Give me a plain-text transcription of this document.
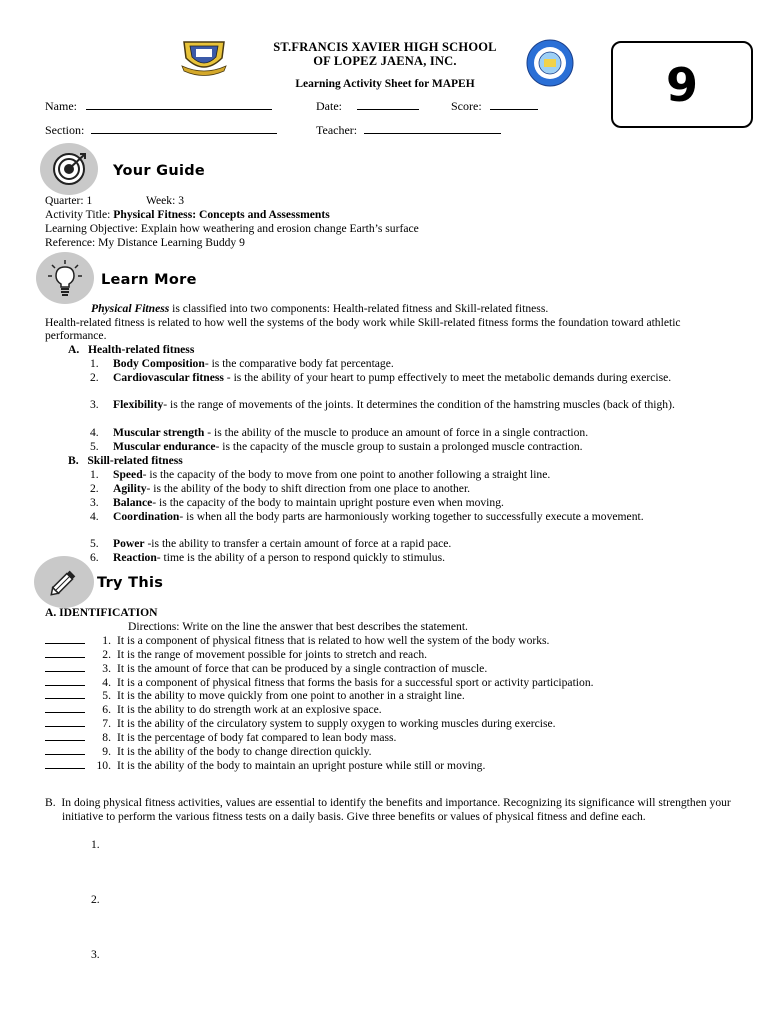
ST.FRANCIS XAVIER HIGH SCHOOL
OF LOPEZ JAENA, INC.
Learning Activity Sheet for MAPEH	9
Name:	Date:	Score:
Section:	Teacher:
Your Guide
Quarter: 1	Week: 3
Activity Title: Physical Fitness: Concepts and Assessments
Learning Objective: Explain how weathering and erosion change Earth’s surface
Reference: My Distance Learning Buddy 9
Learn More
Physical Fitness is classified into two components: Health-related fitness and Skill-related fitness.
Health-related fitness is related to how well the systems of the body work while Skill-related fitness forms the foundation toward athletic performance.
A.   Health-related fitness
1. Body Composition- is the comparative body fat percentage.
2. Cardiovascular fitness - is the ability of your heart to pump effectively to meet the metabolic demands during exercise.
3. Flexibility- is the range of movements of the joints. It determines the condition of the hamstring muscles (back of thigh).
4. Muscular strength - is the ability of the muscle to produce an amount of force in a single contraction.
5. Muscular endurance- is the capacity of the muscle group to sustain a prolonged muscle contraction.
B.   Skill-related fitness
1. Speed- is the capacity of the body to move from one point to another following a straight line.
2. Agility- is the ability of the body to shift direction from one place to another.
3. Balance- is the capacity of the body to maintain upright posture even when moving.
4. Coordination- is when all the body parts are harmoniously working together to successfully execute a movement.
5. Power -is the ability to transfer a certain amount of force at a rapid pace.
6. Reaction- time is the ability of a person to respond quickly to stimulus.
Try This
A. IDENTIFICATION
Directions: Write on the line the answer that best describes the statement.
1. It is a component of physical fitness that is related to how well the system of the body works.
2. It is the range of movement possible for joints to stretch and reach.
3. It is the amount of force that can be produced by a single contraction of muscle.
4. It is a component of physical fitness that forms the basis for a successful sport or activity participation.
5. It is the ability to move quickly from one point to another in a straight line.
6. It is the ability to do strength work at an explosive space.
7. It is the ability of the circulatory system to supply oxygen to working muscles during exercise.
8. It is the percentage of body fat compared to lean body mass.
9. It is the ability of the body to change direction quickly.
10. It is the ability of the body to maintain an upright posture while still or moving.
B.  In doing physical fitness activities, values are essential to identify the benefits and importance. Recognizing its significance will strengthen your initiative to perform the various fitness tests on a daily basis. Give three benefits or values of physical fitness and define each.
1.
2.
3.
